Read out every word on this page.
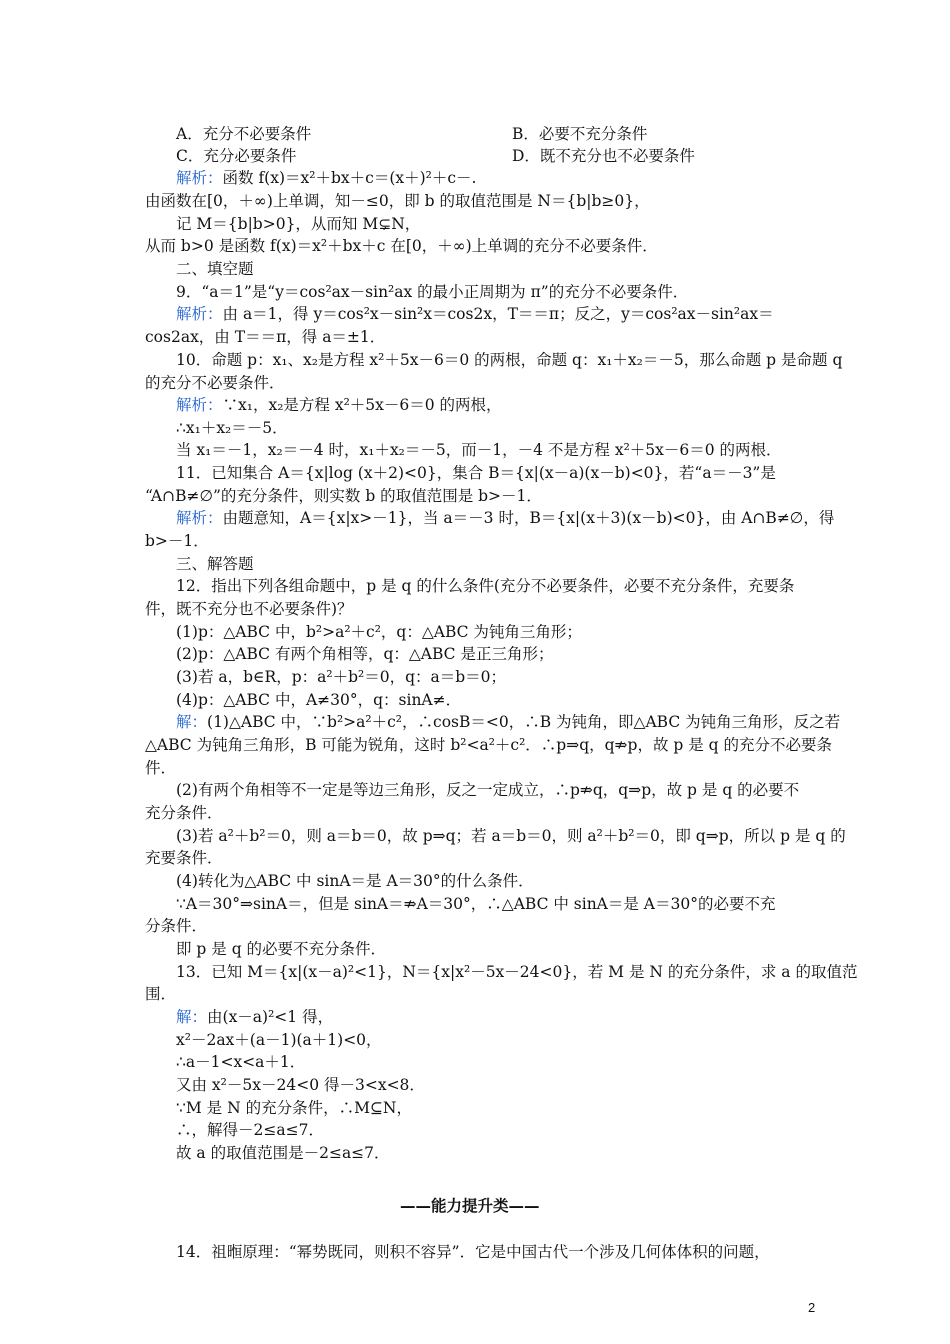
A．充分不必要条件	B．必要不充分条件
C．充分必要条件	D．既不充分也不必要条件
解析：函数 f(x)＝x²＋bx＋c＝(x＋)²＋c－.
由函数在[0，＋∞)上单调，知－≤0，即 b 的取值范围是 N＝{b|b≥0}，
记 M＝{b|b>0}，从而知 M⊊N，
从而 b>0 是函数 f(x)＝x²＋bx＋c 在[0，＋∞)上单调的充分不必要条件．
二、填空题
9．“a＝1”是“y＝cos²ax－sin²ax 的最小正周期为 π”的充分不必要条件．
解析：由 a＝1，得 y＝cos²x－sin²x＝cos2x，T＝＝π；反之，y＝cos²ax－sin²ax＝
cos2ax，由 T＝＝π，得 a＝±1．
10．命题 p：x₁、x₂是方程 x²＋5x－6＝0 的两根，命题 q：x₁＋x₂＝－5，那么命题 p 是命题 q
的充分不必要条件．
解析：∵x₁，x₂是方程 x²＋5x－6＝0 的两根，
∴x₁＋x₂＝－5．
当 x₁＝－1，x₂＝－4 时，x₁＋x₂＝－5，而－1，－4 不是方程 x²＋5x－6＝0 的两根．
11．已知集合 A＝{x|log (x＋2)<0}，集合 B＝{x|(x－a)(x－b)<0}，若“a＝－3”是
“A∩B≠∅”的充分条件，则实数 b 的取值范围是 b>－1．
解析：由题意知，A＝{x|x>－1}，当 a＝－3 时，B＝{x|(x＋3)(x－b)<0}，由 A∩B≠∅，得
b>－1．
三、解答题
12．指出下列各组命题中，p 是 q 的什么条件(充分不必要条件，必要不充分条件，充要条
件，既不充分也不必要条件)？
(1)p：△ABC 中，b²>a²＋c²，q：△ABC 为钝角三角形；
(2)p：△ABC 有两个角相等，q：△ABC 是正三角形；
(3)若 a，b∈R，p：a²＋b²＝0，q：a＝b＝0；
(4)p：△ABC 中，A≠30°，q：sinA≠．
解：(1)△ABC 中，∵b²>a²＋c²，∴cosB＝<0，∴B 为钝角，即△ABC 为钝角三角形，反之若
△ABC 为钝角三角形，B 可能为锐角，这时 b²<a²＋c²．∴p⇒q，q⇏p，故 p 是 q 的充分不必要条
件．
(2)有两个角相等不一定是等边三角形，反之一定成立，∴p⇏q，q⇒p，故 p 是 q 的必要不
充分条件．
(3)若 a²＋b²＝0，则 a＝b＝0，故 p⇒q；若 a＝b＝0，则 a²＋b²＝0，即 q⇒p，所以 p 是 q 的
充要条件．
(4)转化为△ABC 中 sinA＝是 A＝30°的什么条件．
∵A＝30°⇒sinA＝，但是 sinA＝⇏A＝30°，∴△ABC 中 sinA＝是 A＝30°的必要不充
分条件．
即 p 是 q 的必要不充分条件．
13．已知 M＝{x|(x－a)²<1}，N＝{x|x²－5x－24<0}，若 M 是 N 的充分条件，求 a 的取值范
围．
解：由(x－a)²<1 得，
x²－2ax＋(a－1)(a＋1)<0，
∴a－1<x<a＋1．
又由 x²－5x－24<0 得－3<x<8．
∵M 是 N 的充分条件，∴M⊆N，
∴，解得－2≤a≤7．
故 a 的取值范围是－2≤a≤7．
——能力提升类——
14．祖暅原理：“幂势既同，则积不容异”．它是中国古代一个涉及几何体体积的问题，
2
